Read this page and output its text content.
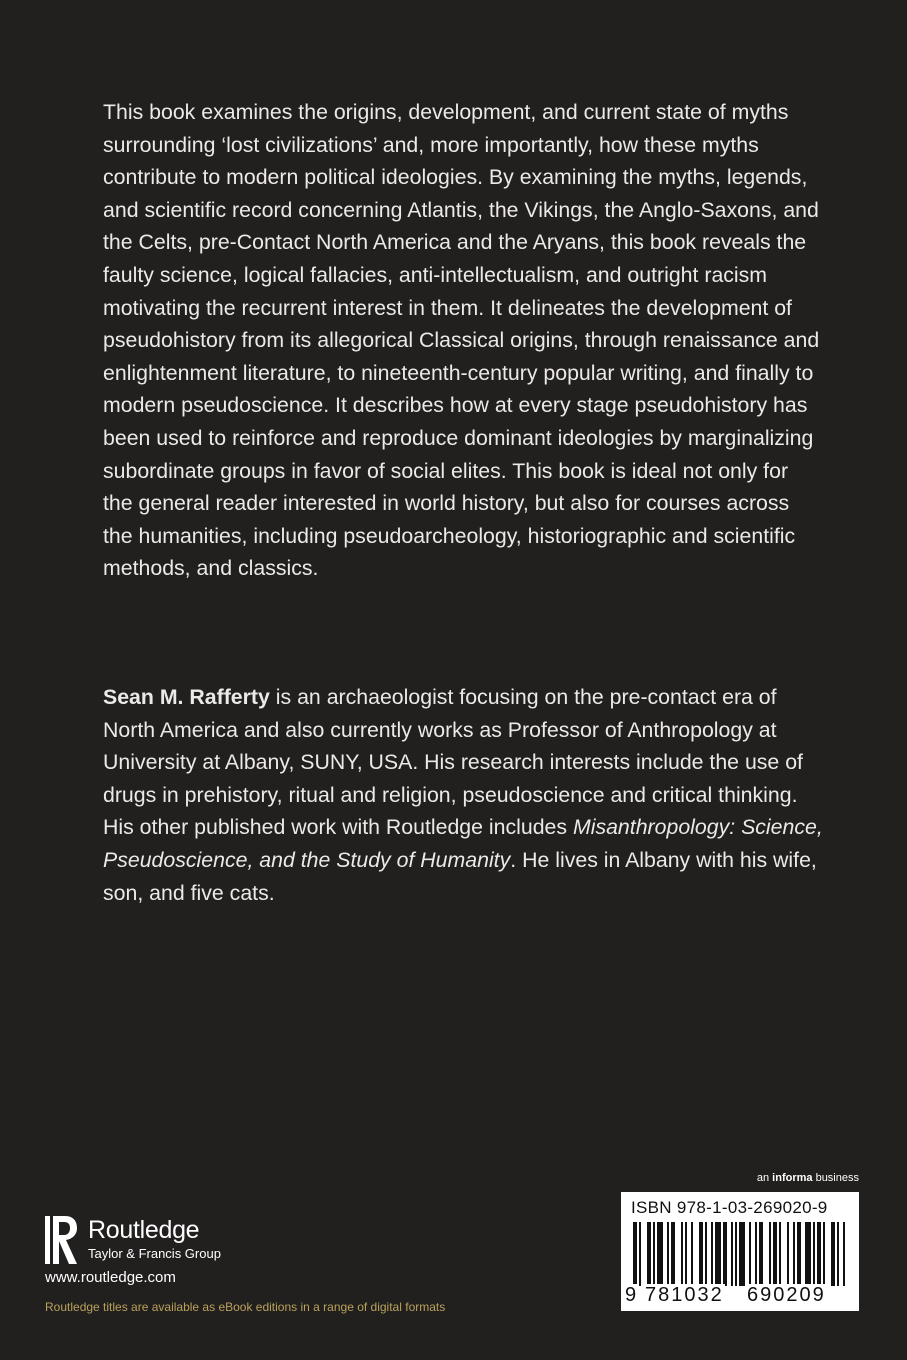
This book examines the origins, development, and current state of myths surrounding ‘lost civilizations’ and, more importantly, how these myths contribute to modern political ideologies. By examining the myths, legends, and scientific record concerning Atlantis, the Vikings, the Anglo-Saxons, and the Celts, pre-Contact North America and the Aryans, this book reveals the faulty science, logical fallacies, anti-intellectualism, and outright racism motivating the recurrent interest in them. It delineates the development of pseudohistory from its allegorical Classical origins, through renaissance and enlightenment literature, to nineteenth-century popular writing, and finally to modern pseudoscience. It describes how at every stage pseudohistory has been used to reinforce and reproduce dominant ideologies by marginalizing subordinate groups in favor of social elites. This book is ideal not only for the general reader interested in world history, but also for courses across the humanities, including pseudoarcheology, historiographic and scientific methods, and classics.

Sean M. Rafferty is an archaeologist focusing on the pre-contact era of North America and also currently works as Professor of Anthropology at University at Albany, SUNY, USA. His research interests include the use of drugs in prehistory, ritual and religion, pseudoscience and critical thinking. His other published work with Routledge includes Misanthropology: Science, Pseudoscience, and the Study of Humanity. He lives in Albany with his wife, son, and five cats.

an informa business
ISBN 978-1-03-269020-9
9 781032 690209
Routledge
Taylor & Francis Group
www.routledge.com
Routledge titles are available as eBook editions in a range of digital formats
